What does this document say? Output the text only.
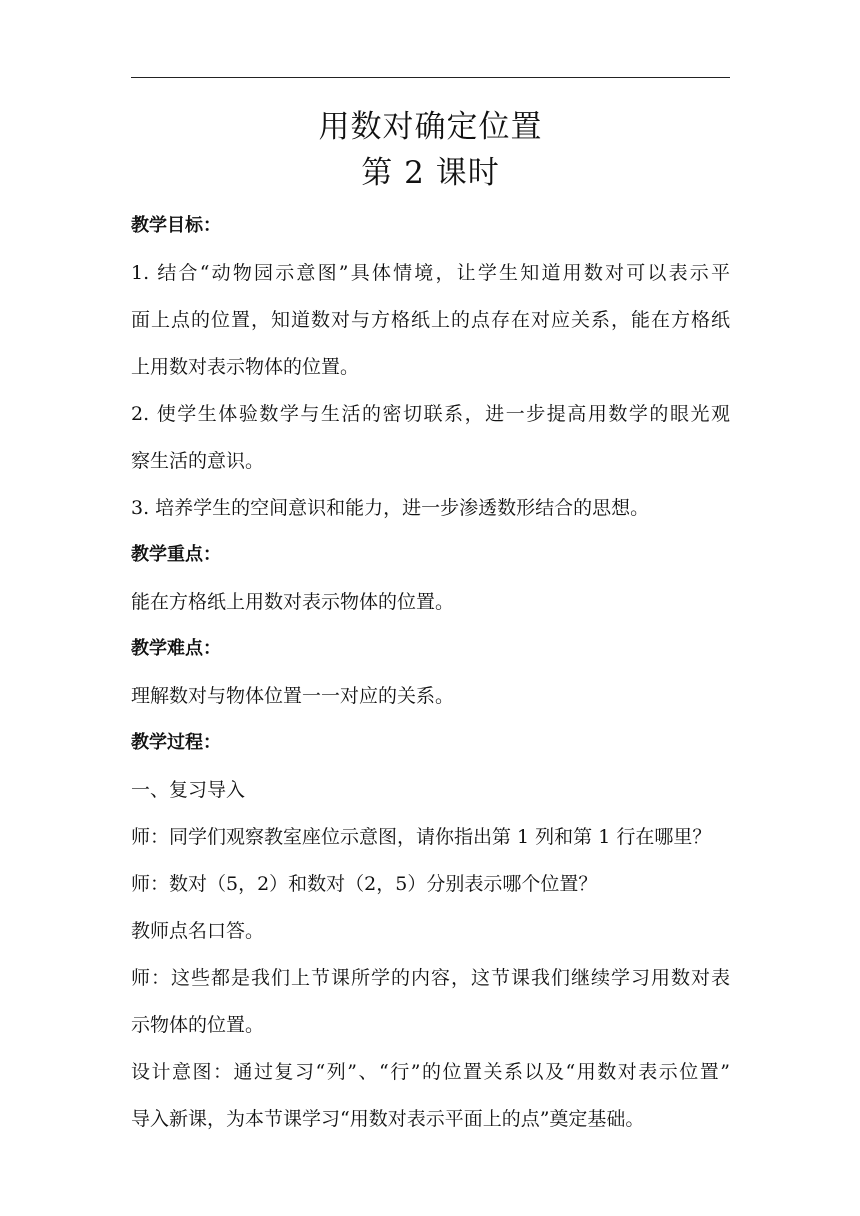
用数对确定位置
第 2 课时

教学目标：

1. 结合“动物园示意图”具体情境，让学生知道用数对可以表示平
面上点的位置，知道数对与方格纸上的点存在对应关系，能在方格纸
上用数对表示物体的位置。
2. 使学生体验数学与生活的密切联系，进一步提高用数学的眼光观
察生活的意识。

3. 培养学生的空间意识和能力，进一步渗透数形结合的思想。

教学重点：

能在方格纸上用数对表示物体的位置。

教学难点：

理解数对与物体位置一一对应的关系。

教学过程：

一、复习导入

师：同学们观察教室座位示意图，请你指出第 1 列和第 1 行在哪里？

师：数对（5，2）和数对（2，5）分别表示哪个位置？

教师点名口答。

师：这些都是我们上节课所学的内容，这节课我们继续学习用数对表
示物体的位置。
设计意图：通过复习“列”、“行”的位置关系以及“用数对表示位置”
导入新课，为本节课学习“用数对表示平面上的点”奠定基础。
